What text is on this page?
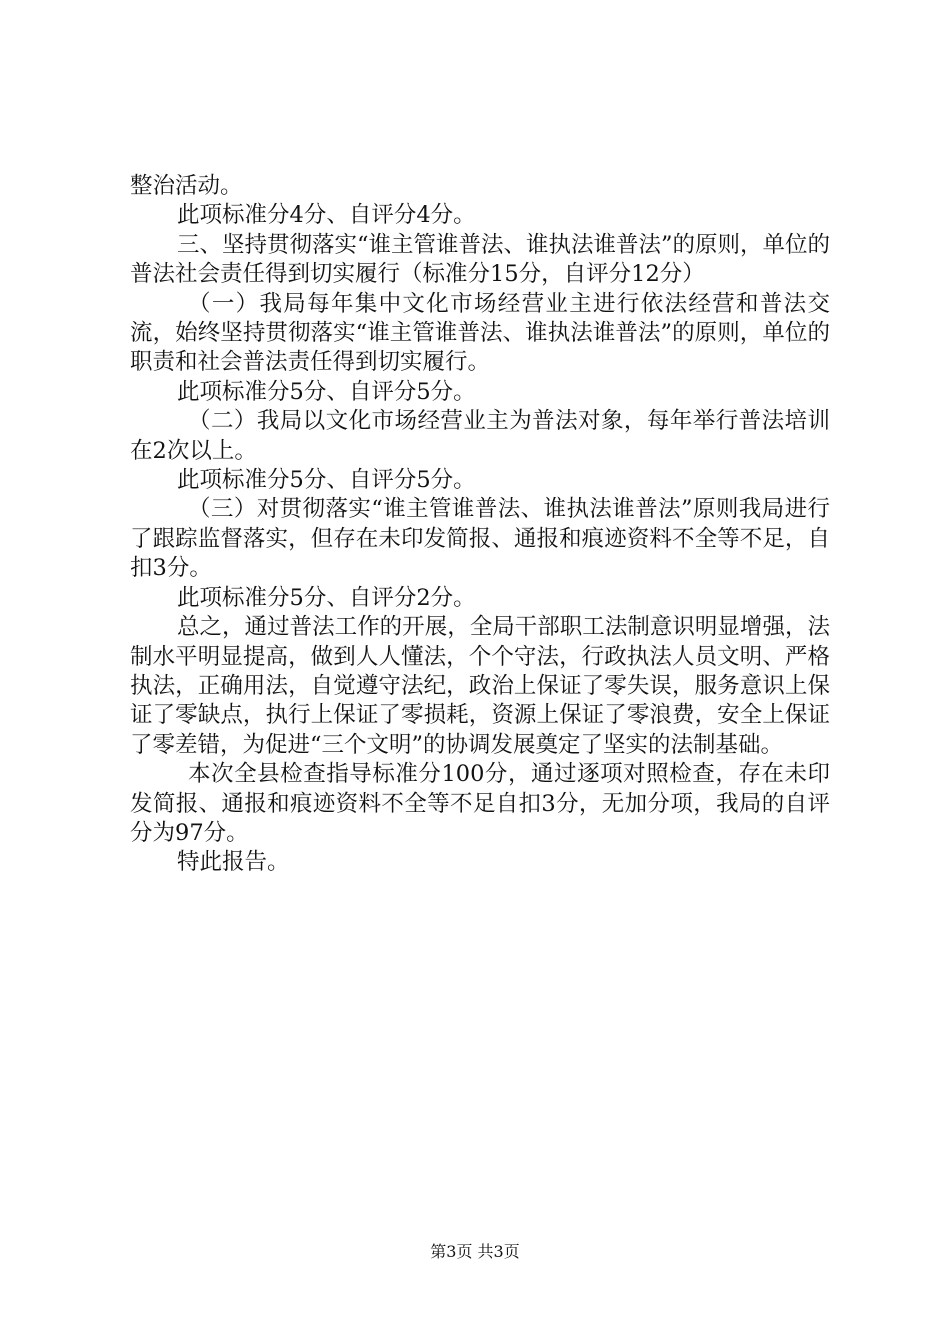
整治活动。

此项标准分4分、自评分4分。

三、坚持贯彻落实“谁主管谁普法、谁执法谁普法”的原则，单位的普法社会责任得到切实履行（标准分15分，自评分12分）

（一）我局每年集中文化市场经营业主进行依法经营和普法交流，始终坚持贯彻落实“谁主管谁普法、谁执法谁普法”的原则，单位的职责和社会普法责任得到切实履行。

此项标准分5分、自评分5分。

（二）我局以文化市场经营业主为普法对象，每年举行普法培训在2次以上。

此项标准分5分、自评分5分。

（三）对贯彻落实“谁主管谁普法、谁执法谁普法”原则我局进行了跟踪监督落实，但存在未印发简报、通报和痕迹资料不全等不足，自扣3分。

此项标准分5分、自评分2分。

总之，通过普法工作的开展，全局干部职工法制意识明显增强，法制水平明显提高，做到人人懂法，个个守法，行政执法人员文明、严格执法，正确用法，自觉遵守法纪，政治上保证了零失误，服务意识上保证了零缺点，执行上保证了零损耗，资源上保证了零浪费，安全上保证了零差错，为促进“三个文明”的协调发展奠定了坚实的法制基础。

本次全县检查指导标准分100分，通过逐项对照检查，存在未印发简报、通报和痕迹资料不全等不足自扣3分，无加分项，我局的自评分为97分。

特此报告。

第3页 共3页
